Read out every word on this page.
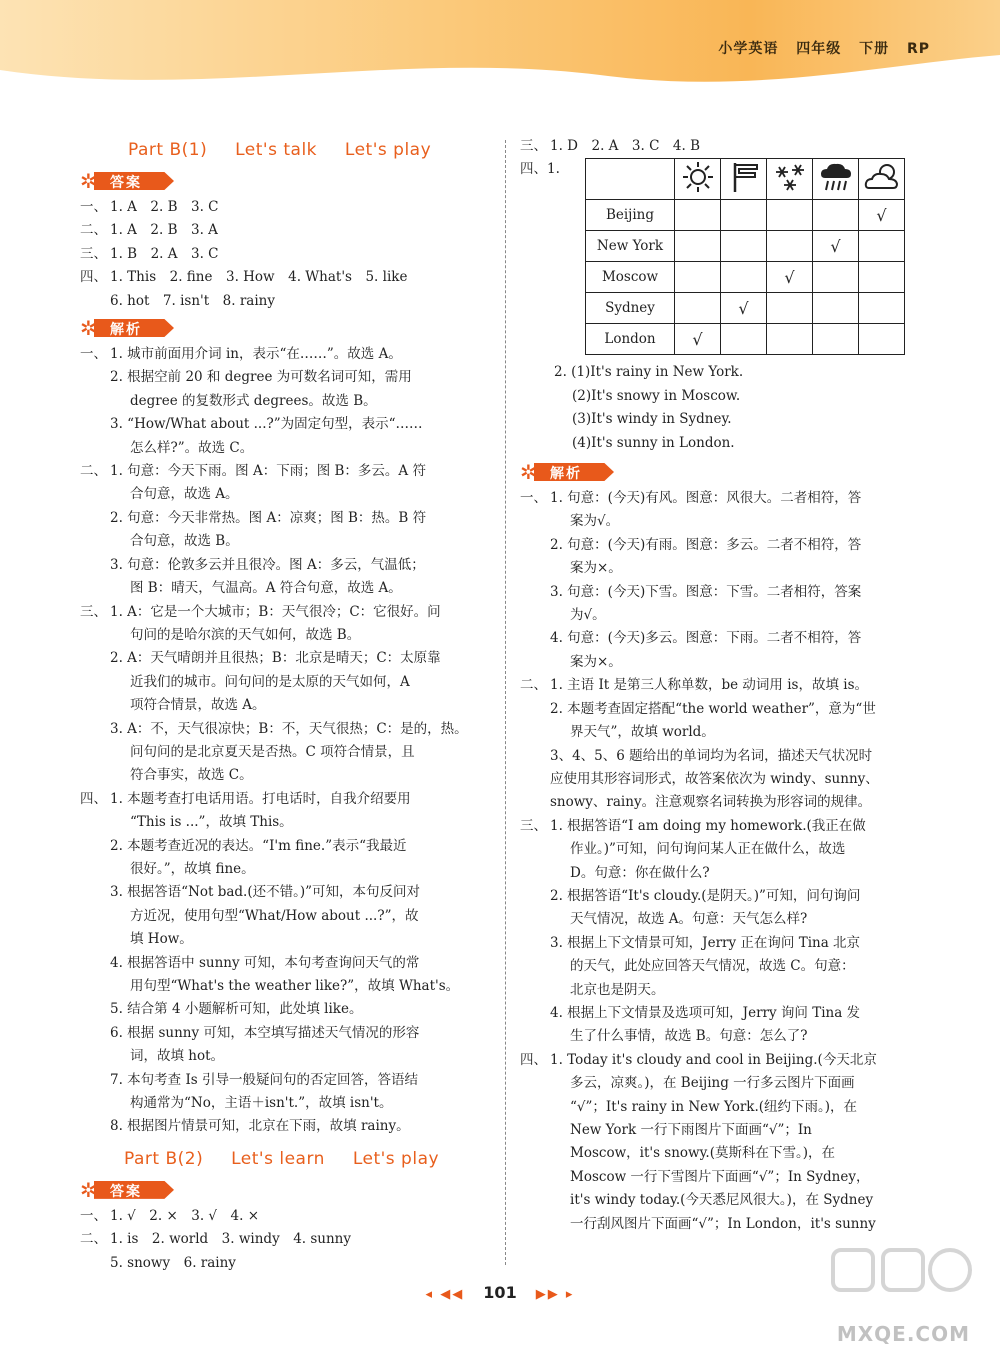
小学英语 四年级 下册 RP
Part B(1) Let's talk Let's play
✲ 答案
一、 1. A　2. B　3. C
二、 1. A　2. B　3. A
三、 1. B　2. A　3. C
四、 1. This　2. fine　3. How　4. What's　5. like
6. hot　7. isn't　8. rainy
✲ 解析
一、 1. 城市前面用介词 in，表示“在……”。故选 A。
2. 根据空前 20 和 degree 为可数名词可知，需用
degree 的复数形式 degrees。故选 B。
3. “How/What about ...?”为固定句型，表示“……
怎么样?”。故选 C。
二、 1. 句意：今天下雨。图 A：下雨；图 B：多云。A 符
合句意，故选 A。
2. 句意：今天非常热。图 A：凉爽；图 B：热。B 符
合句意，故选 B。
3. 句意：伦敦多云并且很冷。图 A：多云，气温低；
图 B：晴天，气温高。A 符合句意，故选 A。
三、 1. A：它是一个大城市；B：天气很冷；C：它很好。问
句问的是哈尔滨的天气如何，故选 B。
2. A：天气晴朗并且很热；B：北京是晴天；C：太原靠
近我们的城市。问句问的是太原的天气如何，A
项符合情景，故选 A。
3. A：不，天气很凉快；B：不，天气很热；C：是的，热。
问句问的是北京夏天是否热。C 项符合情景，且
符合事实，故选 C。
四、 1. 本题考查打电话用语。打电话时，自我介绍要用
“This is ...”，故填 This。
2. 本题考查近况的表达。“I'm fine.”表示“我最近
很好。”，故填 fine。
3. 根据答语“Not bad.(还不错。)”可知，本句反问对
方近况，使用句型“What/How about ...?”，故
填 How。
4. 根据答语中 sunny 可知，本句考查询问天气的常
用句型“What's the weather like?”，故填 What's。
5. 结合第 4 小题解析可知，此处填 like。
6. 根据 sunny 可知，本空填写描述天气情况的形容
词，故填 hot。
7. 本句考查 Is 引导一般疑问句的否定回答，答语结
构通常为“No，主语＋isn't.”，故填 isn't。
8. 根据图片情景可知，北京在下雨，故填 rainy。
Part B(2) Let's learn Let's play
✲ 答案
一、 1. √　2. ×　3. √　4. ×
二、 1. is　2. world　3. windy　4. sunny
5. snowy　6. rainy
三、 1. D　2. A　3. C　4. B
四、1.

Beijing					√
New York				√	
Moscow			√		
Sydney		√			
London	√				
2. (1)It's rainy in New York.
(2)It's snowy in Moscow.
(3)It's windy in Sydney.
(4)It's sunny in London.
✲ 解析
一、 1. 句意：(今天)有风。图意：风很大。二者相符，答
案为√。
2. 句意：(今天)有雨。图意：多云。二者不相符，答
案为×。
3. 句意：(今天)下雪。图意：下雪。二者相符，答案
为√。
4. 句意：(今天)多云。图意：下雨。二者不相符，答
案为×。
二、 1. 主语 It 是第三人称单数，be 动词用 is，故填 is。
2. 本题考查固定搭配“the world weather”，意为“世
界天气”，故填 world。
3、4、5、6 题给出的单词均为名词，描述天气状况时
应使用其形容词形式，故答案依次为 windy、sunny、
snowy、rainy。注意观察名词转换为形容词的规律。
三、 1. 根据答语“I am doing my homework.(我正在做
作业。)”可知，问句询问某人正在做什么，故选
D。句意：你在做什么?
2. 根据答语“It's cloudy.(是阴天。)”可知，问句询问
天气情况，故选 A。句意：天气怎么样?
3. 根据上下文情景可知，Jerry 正在询问 Tina 北京
的天气，此处应回答天气情况，故选 C。句意：
北京也是阴天。
4. 根据上下文情景及选项可知，Jerry 询问 Tina 发
生了什么事情，故选 B。句意：怎么了?
四、 1. Today it's cloudy and cool in Beijing.(今天北京
多云，凉爽。)，在 Beijing 一行多云图片下面画
“√”；It's rainy in New York.(纽约下雨。)，在
New York 一行下雨图片下面画“√”；In
Moscow，it's snowy.(莫斯科在下雪。)，在
Moscow 一行下雪图片下面画“√”；In Sydney，
it's windy today.(今天悉尼风很大。)，在 Sydney
一行刮风图片下面画“√”；In London，it's sunny
◂ ◀◀ 101 ▶▶ ▸
MXQE.COM
